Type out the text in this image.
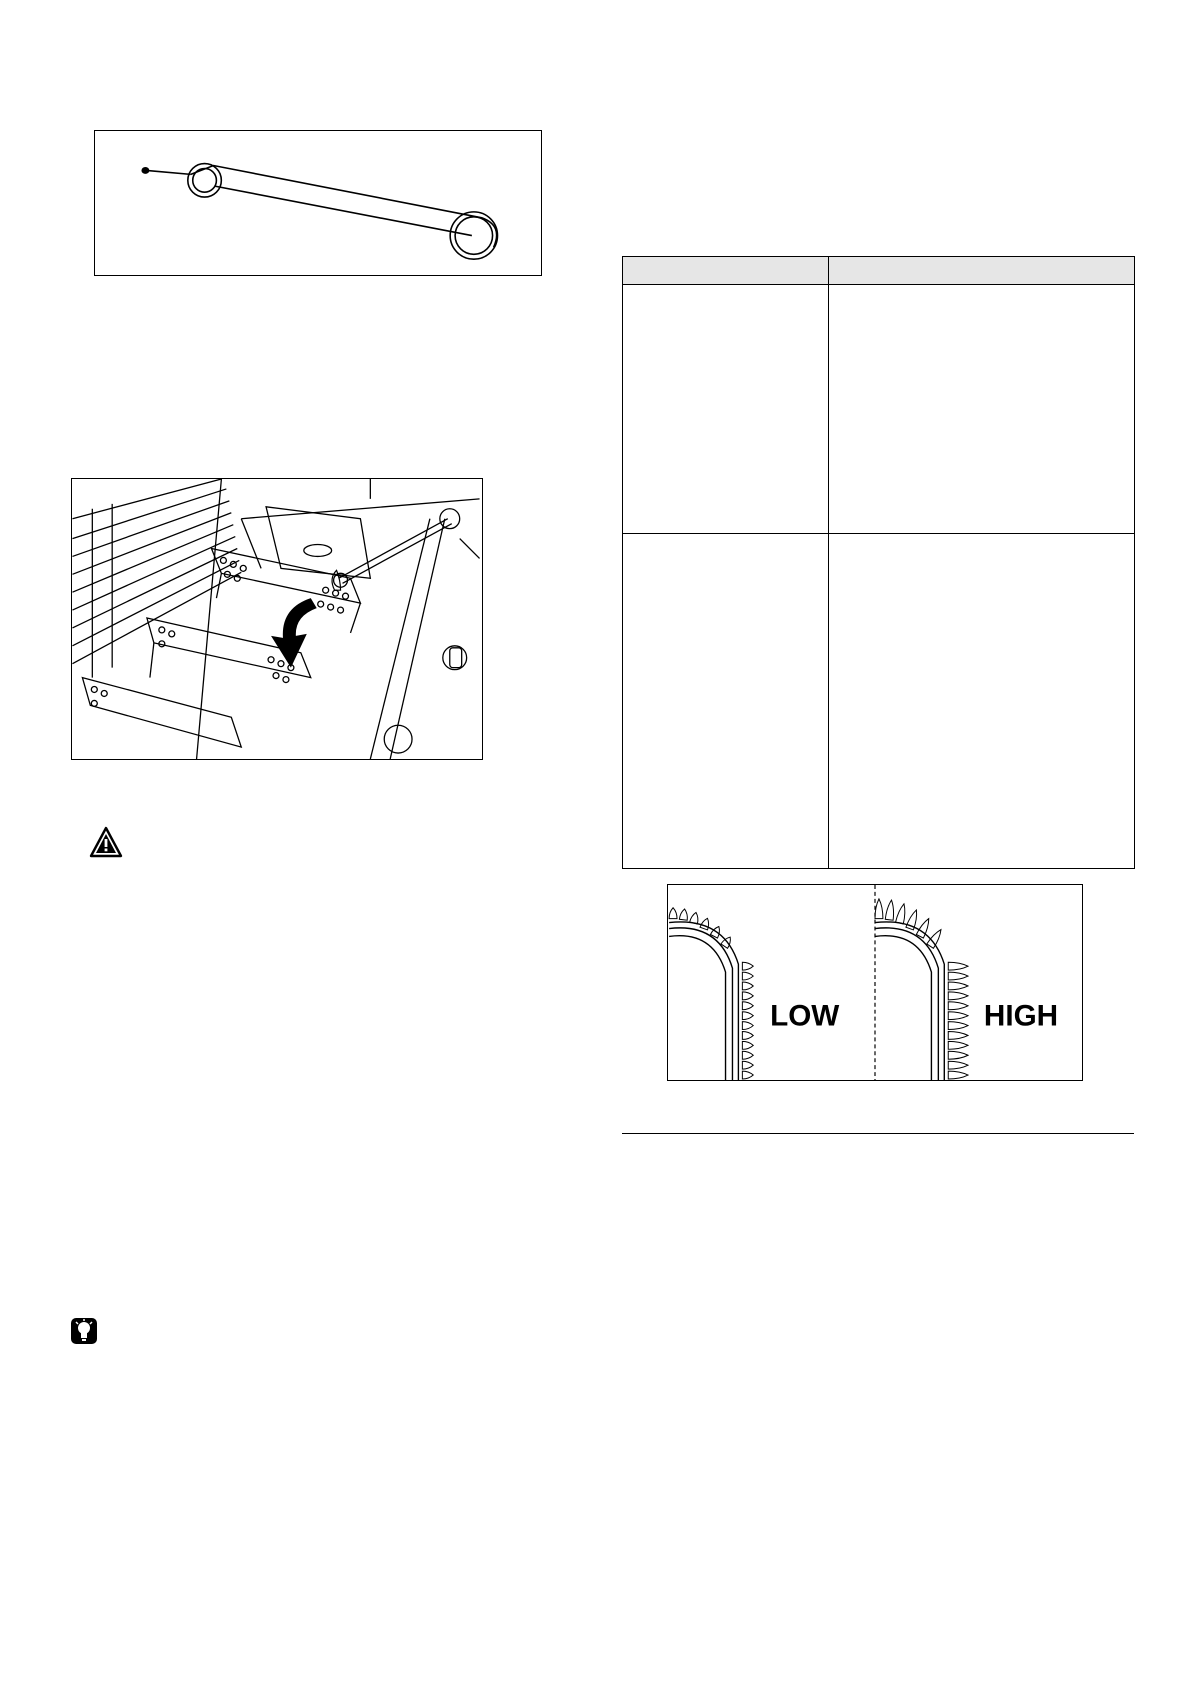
LOW	HIGH
